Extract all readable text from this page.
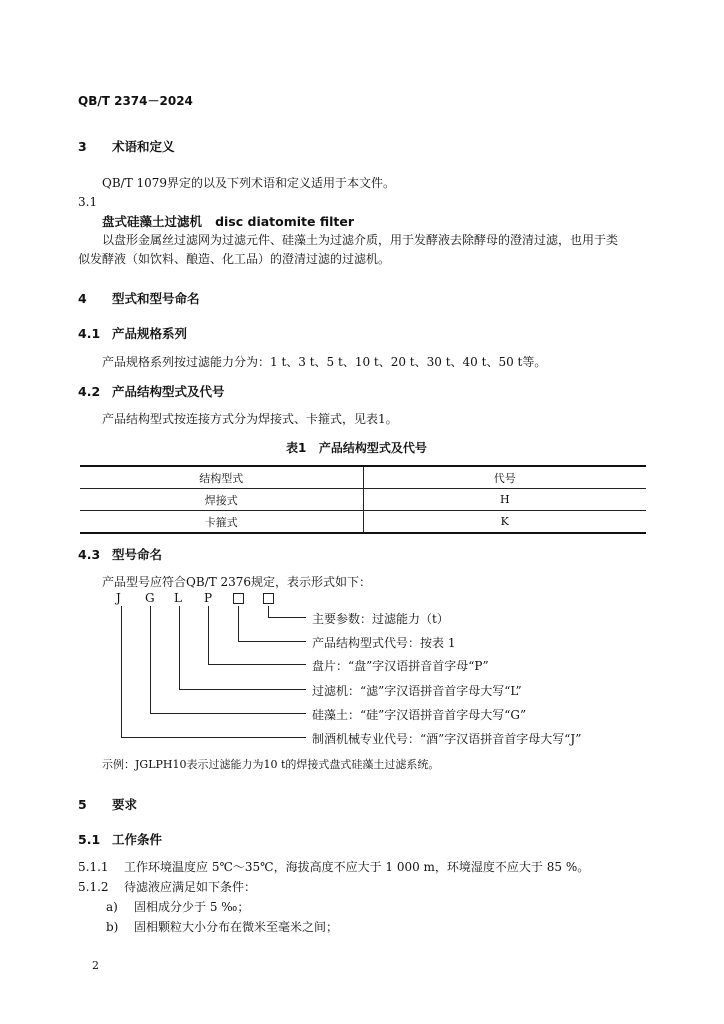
QB/T 2374－2024
3 术语和定义
QB/T 1079界定的以及下列术语和定义适用于本文件。
3.1
盘式硅藻土过滤机 disc diatomite filter
以盘形金属丝过滤网为过滤元件、硅藻土为过滤介质，用于发酵液去除酵母的澄清过滤，也用于类
似发酵液（如饮料、酿造、化工品）的澄清过滤的过滤机。
4 型式和型号命名
4.1 产品规格系列
产品规格系列按过滤能力分为：1 t、3 t、5 t、10 t、20 t、30 t、40 t、50 t等。
4.2 产品结构型式及代号
产品结构型式按连接方式分为焊接式、卡箍式，见表1。
表1 产品结构型式及代号
结构型式	代号
焊接式	H
卡箍式	K
4.3 型号命名
产品型号应符合QB/T 2376规定，表示形式如下：
J G L P
主要参数：过滤能力（t）
产品结构型式代号：按表 1
盘片：“盘”字汉语拼音首字母“P”
过滤机：“滤”字汉语拼音首字母大写“L”
硅藻土：“硅”字汉语拼音首字母大写“G”
制酒机械专业代号：“酒”字汉语拼音首字母大写“J”
示例：JGLPH10表示过滤能力为10 t的焊接式盘式硅藻土过滤系统。
5 要求
5.1 工作条件
5.1.1 工作环境温度应 5℃～35℃，海拔高度不应大于 1 000 m，环境湿度不应大于 85 %。
5.1.2 待滤液应满足如下条件：
a) 固相成分少于 5 ‰；
b) 固相颗粒大小分布在微米至毫米之间；
2
